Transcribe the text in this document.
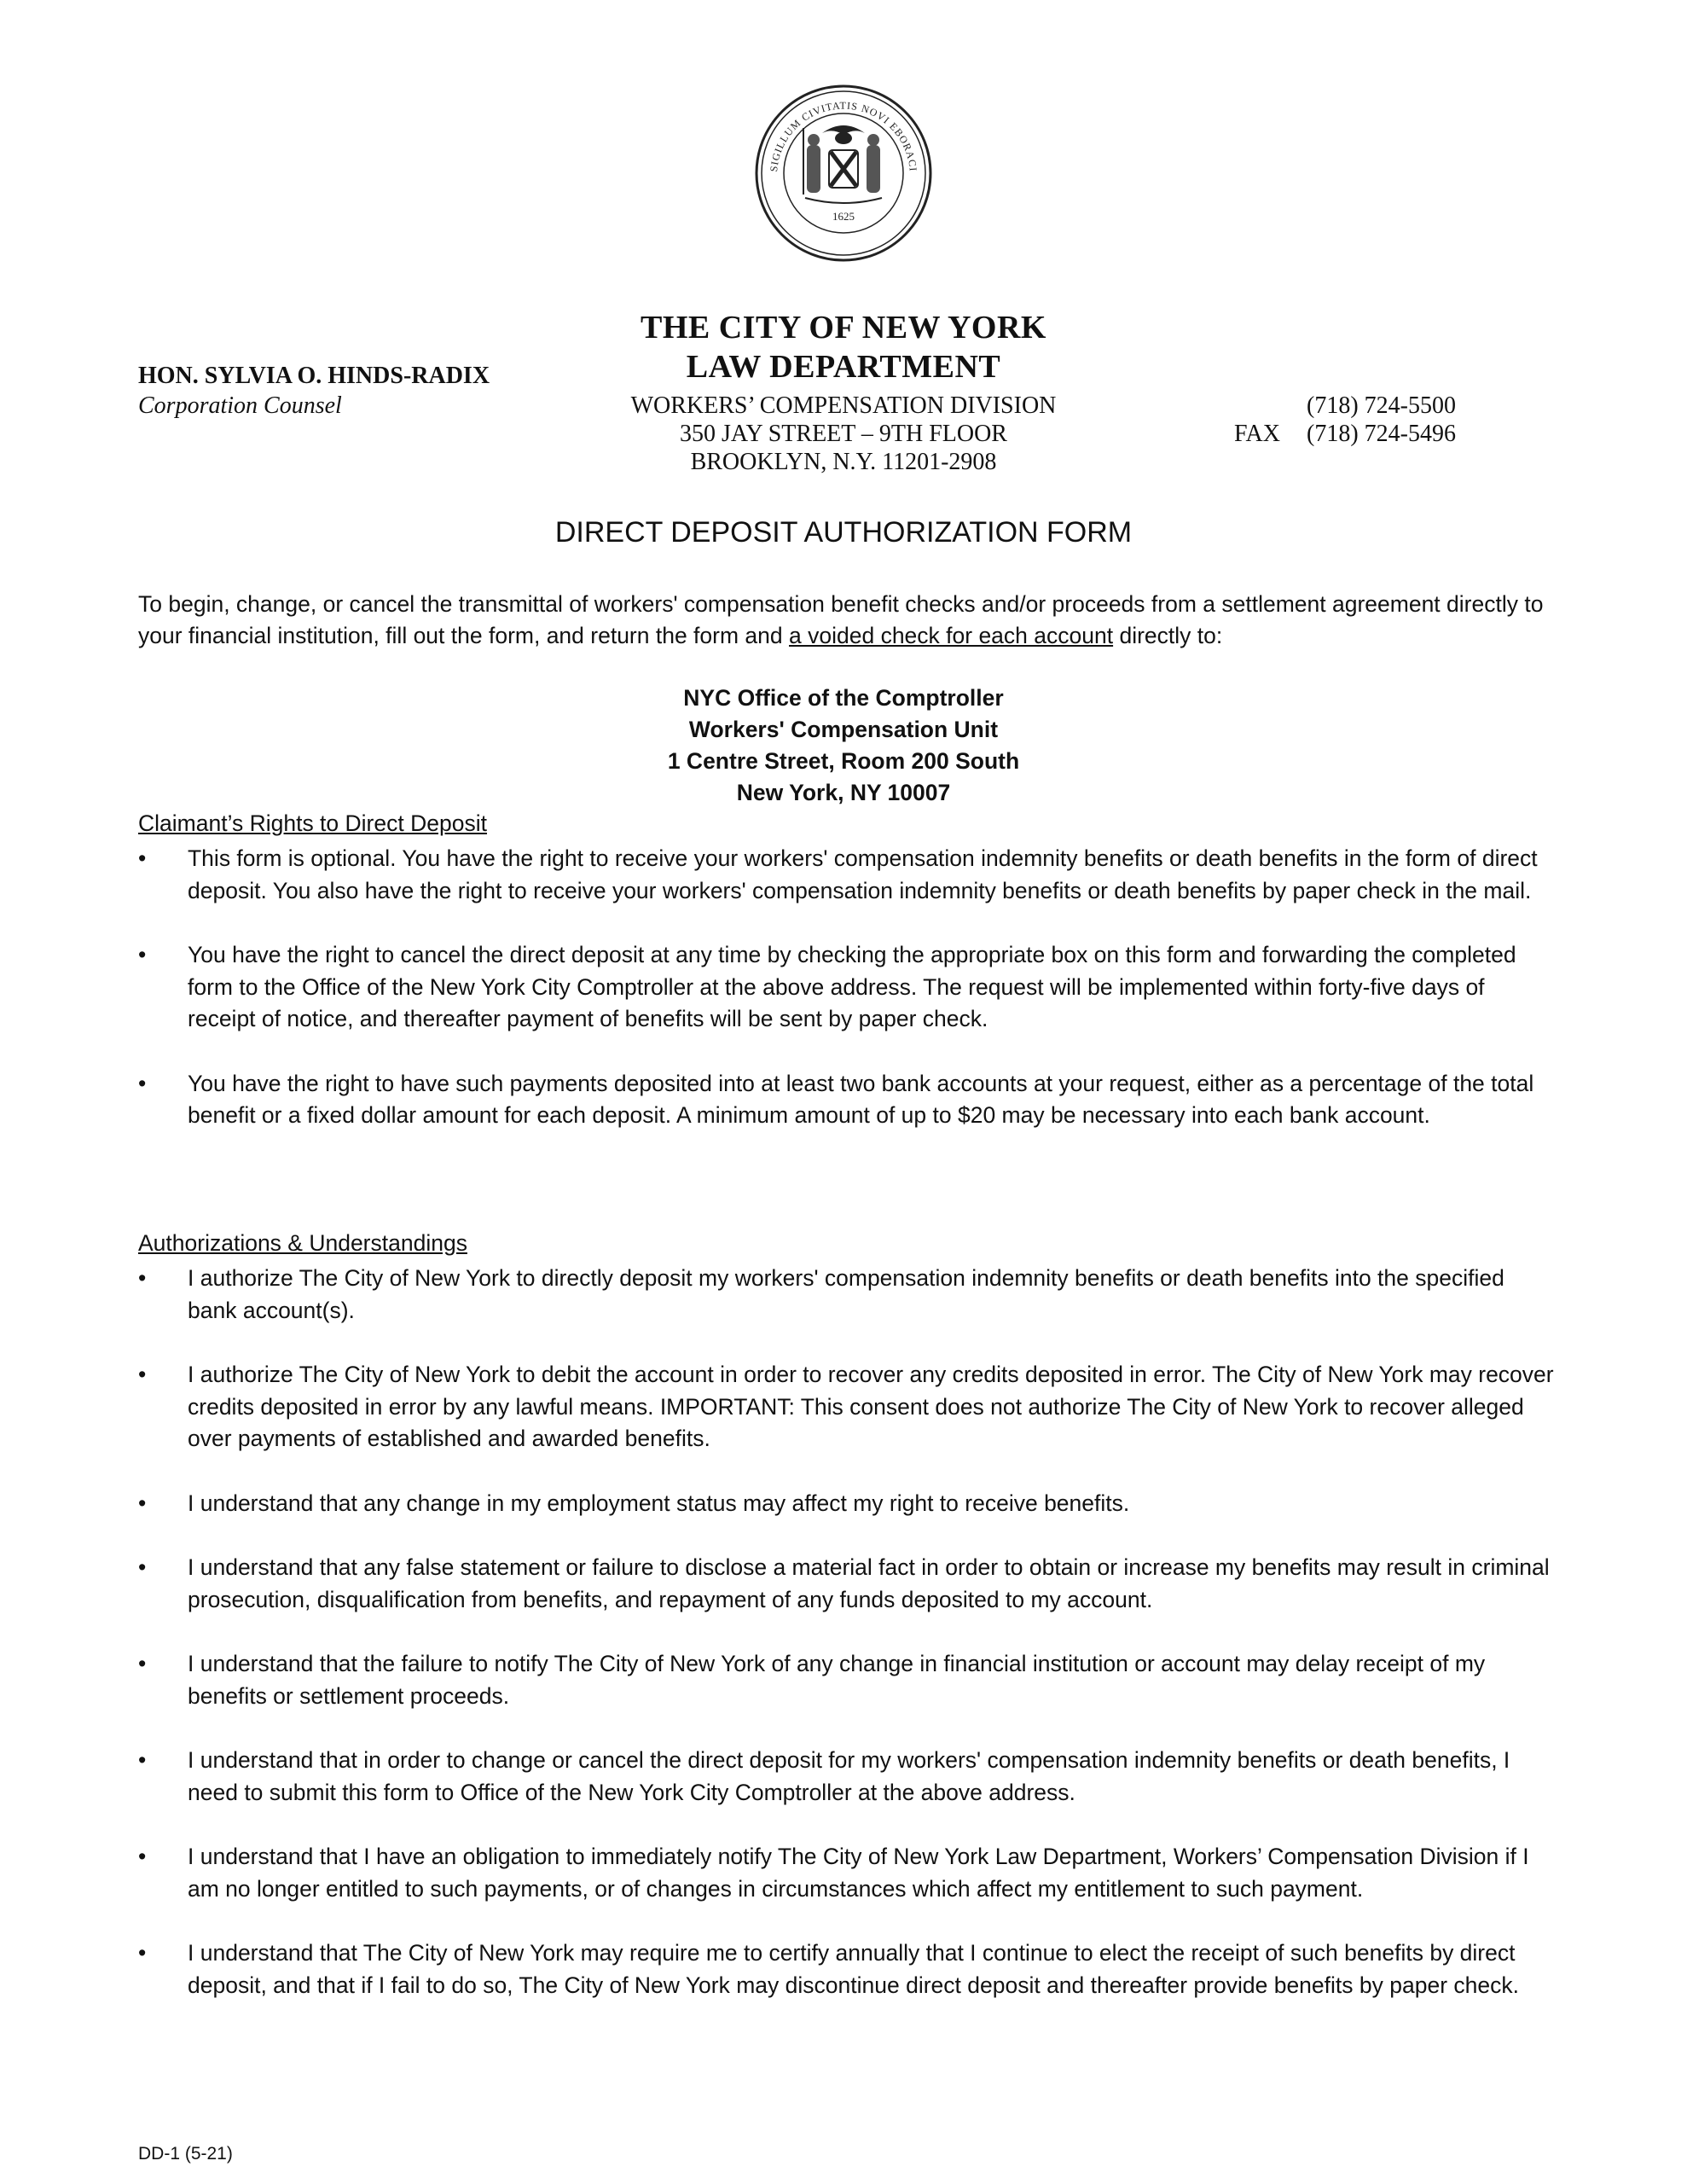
SIGILLUM CIVITATIS NOVI EBORACI
1625
THE CITY OF NEW YORK
LAW DEPARTMENT
HON. SYLVIA O. HINDS-RADIX
Corporation Counsel	WORKERS’ COMPENSATION DIVISION
350 JAY STREET – 9TH FLOOR
BROOKLYN, N.Y. 11201-2908
(718) 724-5500
FAX (718) 724-5496
DIRECT DEPOSIT AUTHORIZATION FORM
To begin, change, or cancel the transmittal of workers' compensation benefit checks and/or proceeds from a settlement agreement directly to your financial institution, fill out the form, and return the form and a voided check for each account directly to:
NYC Office of the Comptroller
Workers' Compensation Unit
1 Centre Street, Room 200 South
New York, NY 10007
Claimant’s Rights to Direct Deposit
•	This form is optional. You have the right to receive your workers' compensation indemnity benefits or death benefits in the form of direct deposit. You also have the right to receive your workers' compensation indemnity benefits or death benefits by paper check in the mail.
•	You have the right to cancel the direct deposit at any time by checking the appropriate box on this form and forwarding the completed form to the Office of the New York City Comptroller at the above address. The request will be implemented within forty-five days of receipt of notice, and thereafter payment of benefits will be sent by paper check.
•	You have the right to have such payments deposited into at least two bank accounts at your request, either as a percentage of the total benefit or a fixed dollar amount for each deposit. A minimum amount of up to $20 may be necessary into each bank account.
Authorizations & Understandings
•	I authorize The City of New York to directly deposit my workers' compensation indemnity benefits or death benefits into the specified bank account(s).
•	I authorize The City of New York to debit the account in order to recover any credits deposited in error. The City of New York may recover credits deposited in error by any lawful means. IMPORTANT: This consent does not authorize The City of New York to recover alleged over payments of established and awarded benefits.
•	I understand that any change in my employment status may affect my right to receive benefits.
•	I understand that any false statement or failure to disclose a material fact in order to obtain or increase my benefits may result in criminal prosecution, disqualification from benefits, and repayment of any funds deposited to my account.
•	I understand that the failure to notify The City of New York of any change in financial institution or account may delay receipt of my benefits or settlement proceeds.
•	I understand that in order to change or cancel the direct deposit for my workers' compensation indemnity benefits or death benefits, I need to submit this form to Office of the New York City Comptroller at the above address.
•	I understand that I have an obligation to immediately notify The City of New York Law Department, Workers’ Compensation Division if I am no longer entitled to such payments, or of changes in circumstances which affect my entitlement to such payment.
•	I understand that The City of New York may require me to certify annually that I continue to elect the receipt of such benefits by direct deposit, and that if I fail to do so, The City of New York may discontinue direct deposit and thereafter provide benefits by paper check.
DD-1 (5-21)
